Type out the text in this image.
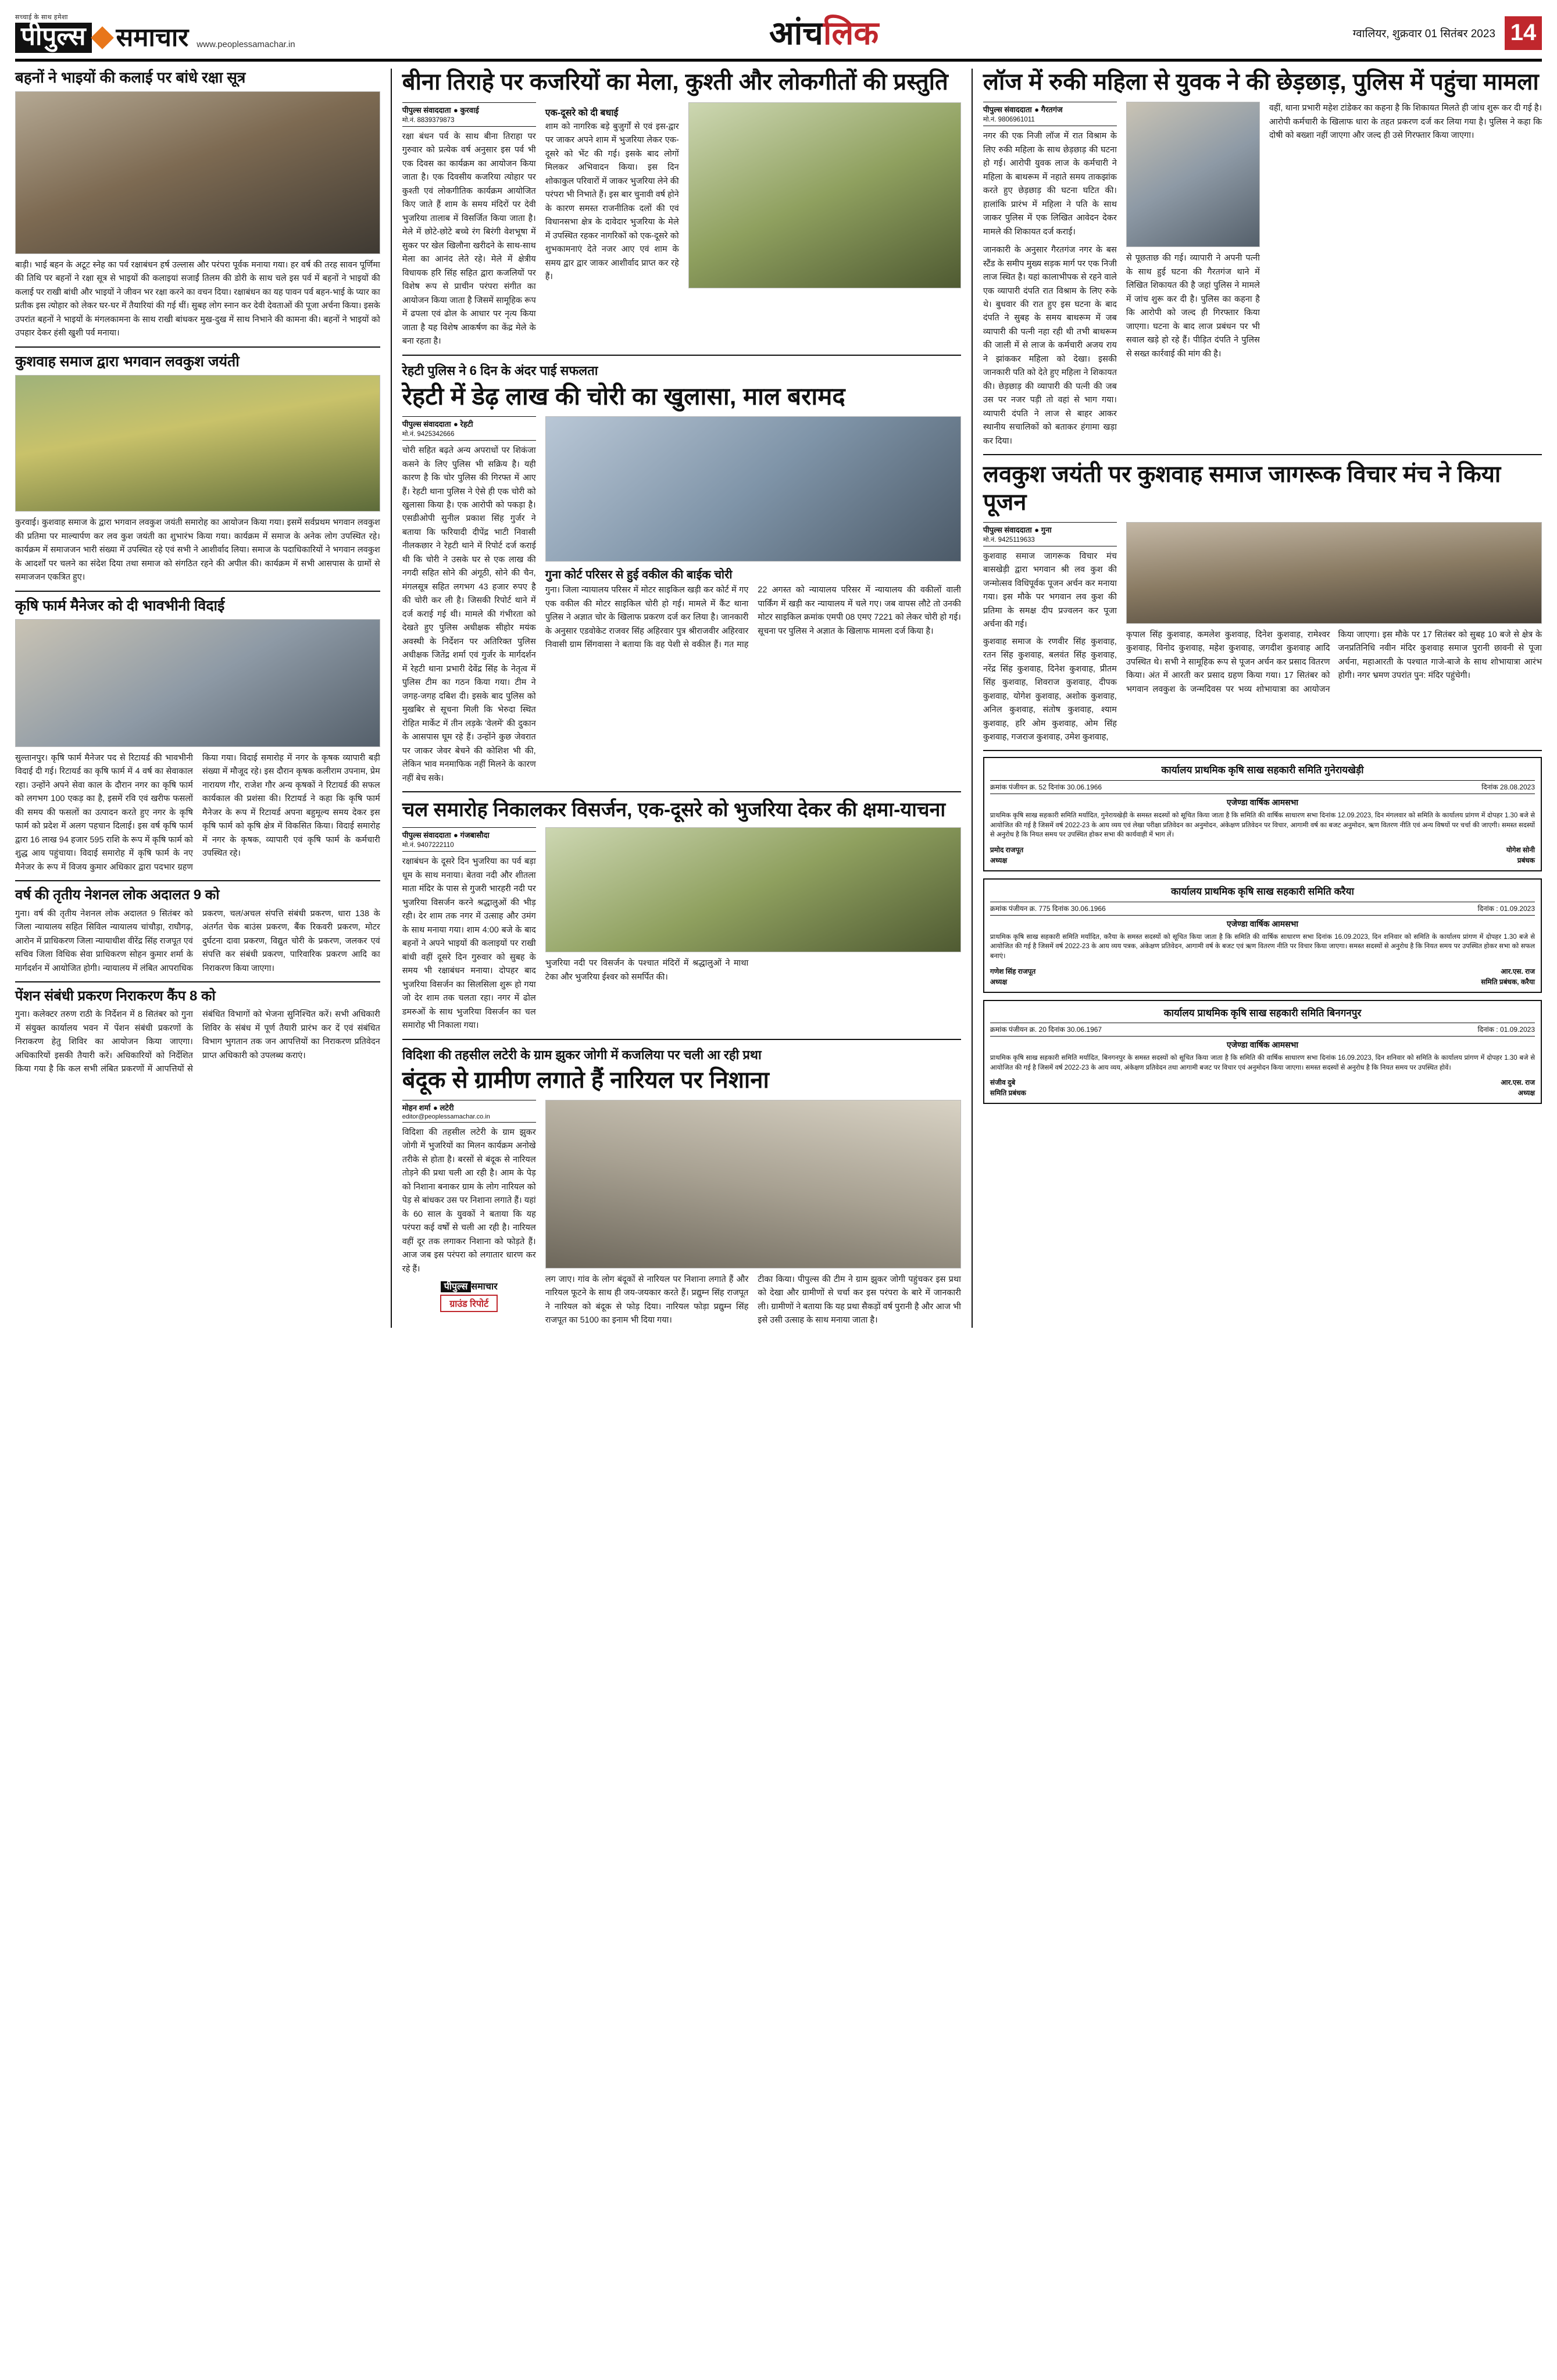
सच्चाई के साथ हमेशा
पीपुल्स समाचार www.peoplessamachar.in	आंच लिक	ग्वालियर, शुक्रवार 01 सितंबर 2023 14
बहनों ने भाइयों की कलाई पर बांधे रक्षा सूत्र
बाड़ी। भाई बहन के अटूट स्नेह का पर्व रक्षाबंधन हर्ष उल्लास और परंपरा पूर्वक मनाया गया। हर वर्ष की तरह सावन पूर्णिमा की तिथि पर बहनों ने रक्षा सूत्र से भाइयों की कलाइयां सजाईं तिलम की डोरी के साथ चले इस पर्व में बहनों ने भाइयों की कलाई पर राखी बांधी और भाइयों ने जीवन भर रक्षा करने का वचन दिया। रक्षाबंधन का यह पावन पर्व बहन-भाई के प्यार का प्रतीक इस त्योहार को लेकर घर-घर में तैयारियां की गई थीं। सुबह लोग स्नान कर देवी देवताओं की पूजा अर्चना किया। इसके उपरांत बहनों ने भाइयों के मंगलकामना के साथ राखी बांधकर मुख-दुख में साथ निभाने की कामना की। बहनों ने भाइयों को उपहार देकर हंसी खुशी पर्व मनाया।
कुशवाह समाज द्वारा भगवान लवकुश जयंती
कुरवाई। कुशवाह समाज के द्वारा भगवान लवकुश जयंती समारोह का आयोजन किया गया। इसमें सर्वप्रथम भगवान लवकुश की प्रतिमा पर माल्यार्पण कर लव कुश जयंती का शुभारंभ किया गया। कार्यक्रम में समाज के अनेक लोग उपस्थित रहे। कार्यक्रम में समाजजन भारी संख्या में उपस्थित रहे एवं सभी ने आशीर्वाद लिया। समाज के पदाधिकारियों ने भगवान लवकुश के आदर्शों पर चलने का संदेश दिया तथा समाज को संगठित रहने की अपील की। कार्यक्रम में सभी आसपास के ग्रामों से समाजजन एकत्रित हुए।
कृषि फार्म मैनेजर को दी भावभीनी विदाई
सुल्तानपुर। कृषि फार्म मैनेजर पद से रिटायर्ड की भावभीनी विदाई दी गई। रिटायर्ड का कृषि फार्म में 4 वर्ष का सेवाकाल रहा। उन्होंने अपने सेवा काल के दौरान नगर का कृषि फार्म को लगभग 100 एकड़ का है, इसमें रवि एवं खरीफ फसलों की समय की फसलों का उत्पादन करते हुए नगर के कृषि फार्म को प्रदेश में अलग पहचान दिलाई। इस वर्ष कृषि फार्म द्वारा 16 लाख 94 हजार 595 राशि के रूप में कृषि फार्म को शुद्ध आय पहुंचाया। विदाई समारोह में कृषि फार्म के नए मैनेजर के रूप में विजय कुमार अधिकार द्वारा पदभार ग्रहण किया गया। विदाई समारोह में नगर के कृषक व्यापारी बड़ी संख्या में मौजूद रहे। इस दौरान कृषक कलीराम उपनाम, प्रेम नारायण गौर, राजेश गौर अन्य कृषकों ने रिटायर्ड की सफल कार्यकाल की प्रशंसा की। रिटायर्ड ने कहा कि कृषि फार्म मैनेजर के रूप में रिटायर्ड अपना बहुमूल्य समय देकर इस कृषि फार्म को कृषि क्षेत्र में विकसित किया। विदाई समारोह में नगर के कृषक, व्यापारी एवं कृषि फार्म के कर्मचारी उपस्थित रहे।
वर्ष की तृतीय नेशनल लोक अदालत 9 को
गुना। वर्ष की तृतीय नेशनल लोक अदालत 9 सितंबर को जिला न्यायालय सहित सिविल न्यायालय चांचौड़ा, राघौगढ़, आरोन में प्राधिकरण जिला न्यायाधीश वीरेंद्र सिंह राजपूत एवं सचिव जिला विधिक सेवा प्राधिकरण सोहन कुमार शर्मा के मार्गदर्शन में आयोजित होगी। न्यायालय में लंबित आपराधिक प्रकरण, चल/अचल संपत्ति संबंधी प्रकरण, धारा 138 के अंतर्गत चेक बाउंस प्रकरण, बैंक रिकवरी प्रकरण, मोटर दुर्घटना दावा प्रकरण, विद्युत चोरी के प्रकरण, जलकर एवं संपत्ति कर संबंधी प्रकरण, पारिवारिक प्रकरण आदि का निराकरण किया जाएगा।
पेंशन संबंधी प्रकरण निराकरण कैंप 8 को
गुना। कलेक्टर तरुण राठी के निर्देशन में 8 सितंबर को गुना में संयुक्त कार्यालय भवन में पेंशन संबंधी प्रकरणों के निराकरण हेतु शिविर का आयोजन किया जाएगा। अधिकारियों इसकी तैयारी करें। अधिकारियों को निर्देशित किया गया है कि कल सभी लंबित प्रकरणों में आपत्तियों से संबंधित विभागों को भेजना सुनिश्चित करें। सभी अधिकारी शिविर के संबंध में पूर्ण तैयारी प्रारंभ कर दें एवं संबंधित विभाग भुगतान तक जन आपत्तियों का निराकरण प्रतिवेदन प्राप्त अधिकारी को उपलब्ध कराएं।
बीना तिराहे पर कजरियों का मेला, कुश्ती और लोकगीतों की प्रस्तुति
पीपुल्स संवाददाता ● कुरवाई
मो.नं. 8839379873
रक्षा बंधन पर्व के साथ बीना तिराहा पर गुरुवार को प्रत्येक वर्ष अनुसार इस पर्व भी एक दिवस का कार्यक्रम का आयोजन किया जाता है। एक दिवसीय कजरिया त्योहार पर कुश्ती एवं लोकगीतिक कार्यक्रम आयोजित किए जाते हैं शाम के समय मंदिरों पर देवी भुजरिया तालाब में विसर्जित किया जाता है। मेले में छोटे-छोटे बच्चे रंग बिरंगी वेशभूषा में सुकर पर खेल खिलौना खरीदने के साथ-साथ मेला का आनंद लेते रहे। मेले में क्षेत्रीय विधायक हरि सिंह सहित द्वारा कजलियों पर विशेष रूप से प्राचीन परंपरा संगीत का आयोजन किया जाता है जिसमें सामूहिक रूप में ढपला एवं ढोल के आधार पर नृत्य किया जाता है यह विशेष आकर्षण का केंद्र मेले के बना रहता है।
एक-दूसरे को दी बधाई
शाम को नागरिक बड़े बुजुर्गों से एवं इस-द्वार पर जाकर अपने शाम में भुजरिया लेकर एक-दूसरे को भेंट की गई। इसके बाद लोगों मिलकर अभिवादन किया। इस दिन शोकाकुल परिवारों में जाकर भुजरिया लेने की परंपरा भी निभाते हैं। इस बार चुनावी वर्ष होने के कारण समस्त राजनीतिक दलों की एवं विधानसभा क्षेत्र के दावेदार भुजरिया के मेले में उपस्थित रहकर नागरिकों को एक-दूसरे को शुभकामनाएं देते नजर आए एवं शाम के समय द्वार द्वार जाकर आशीर्वाद प्राप्त कर रहे हैं।
रेहटी पुलिस ने 6 दिन के अंदर पाई सफलता
रेहटी में डेढ़ लाख की चोरी का खुलासा, माल बरामद
पीपुल्स संवाददाता ● रेहटी
मो.नं. 9425342666
चोरी सहित बढ़ते अन्य अपराधों पर शिकंजा कसने के लिए पुलिस भी सक्रिय है। यही कारण है कि चोर पुलिस की गिरफ्त में आए हैं। रेहटी थाना पुलिस ने ऐसे ही एक चोरी को खुलासा किया है। एक आरोपी को पकड़ा है। एसडीओपी सुनील प्रकाश सिंह गुर्जर ने बताया कि फरियादी दीपेंद्र भाटी निवासी नीलकछार ने रेहटी थाने में रिपोर्ट दर्ज कराई थी कि चोरी ने उसके घर से एक लाख की नगदी सहित सोने की अंगूठी, सोने की चैन, मंगलसूत्र सहित लगभग 43 हजार रुपए है की चोरी कर ली है। जिसकी रिपोर्ट थाने में दर्ज कराई गई थी। मामले की गंभीरता को देखते हुए पुलिस अधीक्षक सीहोर मयंक अवस्थी के निर्देशन पर अतिरिक्त पुलिस अधीक्षक जितेंद्र शर्मा एवं गुर्जर के मार्गदर्शन में रेहटी थाना प्रभारी देवेंद्र सिंह के नेतृत्व में पुलिस टीम का गठन किया गया। टीम ने जगह-जगह दबिश दी। इसके बाद पुलिस को मुखबिर से सूचना मिली कि भेरुदा स्थित रोहित मार्केट में तीन लड़के 'वेलमें' की दुकान के आसपास घूम रहे हैं। उन्होंने कुछ जेवरात पर जाकर जेवर बेचने की कोशिश भी की, लेकिन भाव मनमाफिक नहीं मिलने के कारण नहीं बेच सके।
गुना कोर्ट परिसर से हुई वकील की बाईक चोरी
गुना। जिला न्यायालय परिसर में मोटर साइकिल खड़ी कर कोर्ट में गए एक वकील की मोटर साइकिल चोरी हो गई। मामले में कैंट थाना पुलिस ने अज्ञात चोर के खिलाफ प्रकरण दर्ज कर लिया है। जानकारी के अनुसार एडवोकेट राजवर सिंह अहिरवार पुत्र श्रीराजवीर अहिरवार निवासी ग्राम सिंगवासा ने बताया कि वह पेशी से वकील हैं। गत माह 22 अगस्त को न्यायालय परिसर में न्यायालय की वकीलों वाली पार्किंग में खड़ी कर न्यायालय में चले गए। जब वापस लौटे तो उनकी मोटर साइकिल क्रमांक एमपी 08 एमए 7221 को लेकर चोरी हो गई। सूचना पर पुलिस ने अज्ञात के खिलाफ मामला दर्ज किया है।
चल समारोह निकालकर विसर्जन, एक-दूसरे को भुजरिया देकर की क्षमा-याचना
पीपुल्स संवाददाता ● गंजबासौदा
मो.नं. 9407222110
रक्षाबंधन के दूसरे दिन भुजरिया का पर्व बड़ा धूम के साथ मनाया। बेतवा नदी और शीतला माता मंदिर के पास से गुजरी भारहरी नदी पर भुजरिया विसर्जन करने श्रद्धालुओं की भीड़ रही। देर शाम तक नगर में उत्साह और उमंग के साथ मनाया गया। शाम 4:00 बजे के बाद बहनों ने अपने भाइयों की कलाइयों पर राखी बांधी वहीं दूसरे दिन गुरुवार को सुबह के समय भी रक्षाबंधन मनाया। दोपहर बाद भुजरिया विसर्जन का सिलसिला शुरू हो गया जो देर शाम तक चलता रहा। नगर में ढोल डमरुओं के साथ भुजरिया विसर्जन का चल समारोह भी निकाला गया।
भुजरिया नदी पर विसर्जन के पश्चात मंदिरों में श्रद्धालुओं ने माथा टेका और भुजरिया ईश्वर को समर्पित की।
विदिशा की तहसील लटेरी के ग्राम झुकर जोगी में कजलिया पर चली आ रही प्रथा
बंदूक से ग्रामीण लगाते हैं नारियल पर निशाना
मोहन शर्मा ● लटेरी
editor@peoplessamachar.co.in
विदिशा की तहसील लटेरी के ग्राम झुकर जोगी में भुजरियों का मिलन कार्यक्रम अनोखे तरीके से होता है। बरसों से बंदूक से नारियल तोड़ने की प्रथा चली आ रही है। आम के पेड़ को निशाना बनाकर ग्राम के लोग नारियल को पेड़ से बांधकर उस पर निशाना लगाते हैं। यहां के 60 साल के युवकों ने बताया कि यह परंपरा कई वर्षों से चली आ रही है। नारियल वहीं दूर तक लगाकर निशाना को फोड़ते हैं। आज जब इस परंपरा को लगातार धारण कर रहे हैं।
पीपुल्स समाचार
ग्राउंड रिपोर्ट
लग जाए। गांव के लोग बंदूकों से नारियल पर निशाना लगाते हैं और नारियल फूटने के साथ ही जय-जयकार करते हैं। प्रद्युम्न सिंह राजपूत ने नारियल को बंदूक से फोड़ दिया। नारियल फोड़ा प्रद्युम्न सिंह राजपूत का 5100 का इनाम भी दिया गया।
टीका किया। पीपुल्स की टीम ने ग्राम झुकर जोगी पहुंचकर इस प्रथा को देखा और ग्रामीणों से चर्चा कर इस परंपरा के बारे में जानकारी ली। ग्रामीणों ने बताया कि यह प्रथा सैकड़ों वर्ष पुरानी है और आज भी इसे उसी उत्साह के साथ मनाया जाता है।
लॉज में रुकी महिला से युवक ने की छेड़छाड़, पुलिस में पहुंचा मामला
पीपुल्स संवाददाता ● गैरतगंज
मो.नं. 9806961011
नगर की एक निजी लॉज में रात विश्राम के लिए रुकी महिला के साथ छेड़छाड़ की घटना हो गई। आरोपी युवक लाज के कर्मचारी ने महिला के बाथरूम में नहाते समय ताकझांक करते हुए छेड़छाड़ की घटना घटित की। हालांकि प्रारंभ में महिला ने पति के साथ जाकर पुलिस में एक लिखित आवेदन देकर मामले की शिकायत दर्ज कराई।
जानकारी के अनुसार गैरतगंज नगर के बस स्टैंड के समीप मुख्य सड़क मार्ग पर एक निजी लाज स्थित है। यहां कालाभीपक से रहने वाले एक व्यापारी दंपति रात विश्राम के लिए रुके थे। बुधवार की रात हुए इस घटना के बाद दंपति ने सुबह के समय बाथरूम में जब व्यापारी की पत्नी नहा रही थी तभी बाथरूम की जाली में से लाज के कर्मचारी अजय राय ने झांककर महिला को देखा। इसकी जानकारी पति को देते हुए महिला ने शिकायत की। छेड़छाड़ की व्यापारी की पत्नी की जब उस पर नजर पड़ी तो वहां से भाग गया। व्यापारी दंपति ने लाज से बाहर आकर स्थानीय सचालिकों को बताकर हंगामा खड़ा कर दिया।
से पूछताछ की गई। व्यापारी ने अपनी पत्नी के साथ हुई घटना की गैरतगंज थाने में लिखित शिकायत की है जहां पुलिस ने मामले में जांच शुरू कर दी है। पुलिस का कहना है कि आरोपी को जल्द ही गिरफ्तार किया जाएगा। घटना के बाद लाज प्रबंधन पर भी सवाल खड़े हो रहे हैं। पीड़ित दंपति ने पुलिस से सख्त कार्रवाई की मांग की है।
वहीं, थाना प्रभारी महेश टांडेकर का कहना है कि शिकायत मिलते ही जांच शुरू कर दी गई है। आरोपी कर्मचारी के खिलाफ धारा के तहत प्रकरण दर्ज कर लिया गया है। पुलिस ने कहा कि दोषी को बख्शा नहीं जाएगा और जल्द ही उसे गिरफ्तार किया जाएगा।
लवकुश जयंती पर कुशवाह समाज जागरूक विचार मंच ने किया पूजन
पीपुल्स संवाददाता ● गुना
मो.नं. 9425119633
कुशवाह समाज जागरूक विचार मंच बासखेड़ी द्वारा भगवान श्री लव कुश की जन्मोत्सव विधिपूर्वक पूजन अर्चन कर मनाया गया। इस मौके पर भगवान लव कुश की प्रतिमा के समक्ष दीप प्रज्वलन कर पूजा अर्चना की गई।
कुशवाह समाज के रणवीर सिंह कुशवाह, रतन सिंह कुशवाह, बलवंत सिंह कुशवाह, नरेंद्र सिंह कुशवाह, दिनेश कुशवाह, प्रीतम सिंह कुशवाह, शिवराज कुशवाह, दीपक कुशवाह, योगेश कुशवाह, अशोक कुशवाह, अनिल कुशवाह, संतोष कुशवाह, श्याम कुशवाह, हरि ओम कुशवाह, ओम सिंह कुशवाह, गजराज कुशवाह, उमेश कुशवाह,
कृपाल सिंह कुशवाह, कमलेश कुशवाह, दिनेश कुशवाह, रामेश्वर कुशवाह, विनोद कुशवाह, महेश कुशवाह, जगदीश कुशवाह आदि उपस्थित थे। सभी ने सामूहिक रूप से पूजन अर्चन कर प्रसाद वितरण किया। अंत में आरती कर प्रसाद ग्रहण किया गया। 17 सितंबर को भगवान लवकुश के जन्मदिवस पर भव्य शोभायात्रा का आयोजन किया जाएगा। इस मौके पर 17 सितंबर को सुबह 10 बजे से क्षेत्र के जनप्रतिनिधि नवीन मंदिर कुशवाह समाज पुरानी छावनी से पूजा अर्चना, महाआरती के पश्चात गाजे-बाजे के साथ शोभायात्रा आरंभ होगी। नगर भ्रमण उपरांत पुन: मंदिर पहुंचेगी।
कार्यालय प्राथमिक कृषि साख सहकारी समिति गुनेरायखेड़ी
क्रमांक पंजीयन क्र. 52 दिनांक 30.06.1966	दिनांक 28.08.2023
एजेण्डा वार्षिक आमसभा
प्राथमिक कृषि साख सहकारी समिति मर्यादित, गुनेरायखेड़ी के समस्त सदस्यों को सूचित किया जाता है कि समिति की वार्षिक साधारण सभा दिनांक 12.09.2023, दिन मंगलवार को समिति के कार्यालय प्रांगण में दोपहर 1.30 बजे से आयोजित की गई है जिसमें वर्ष 2022-23 के आय व्यय एवं लेखा परीक्षा प्रतिवेदन का अनुमोदन, अंकेक्षण प्रतिवेदन पर विचार, आगामी वर्ष का बजट अनुमोदन, ऋण वितरण नीति एवं अन्य विषयों पर चर्चा की जाएगी। समस्त सदस्यों से अनुरोध है कि नियत समय पर उपस्थित होकर सभा की कार्यवाही में भाग लें।
प्रमोद राजपूत
अध्यक्ष
योगेश सोनी
प्रबंधक
कार्यालय प्राथमिक कृषि साख सहकारी समिति करैया
क्रमांक पंजीयन क्र. 775 दिनांक 30.06.1966	दिनांक : 01.09.2023
एजेण्डा वार्षिक आमसभा
प्राथमिक कृषि साख सहकारी समिति मर्यादित, करैया के समस्त सदस्यों को सूचित किया जाता है कि समिति की वार्षिक साधारण सभा दिनांक 16.09.2023, दिन शनिवार को समिति के कार्यालय प्रांगण में दोपहर 1.30 बजे से आयोजित की गई है जिसमें वर्ष 2022-23 के आय व्यय पत्रक, अंकेक्षण प्रतिवेदन, आगामी वर्ष के बजट एवं ऋण वितरण नीति पर विचार किया जाएगा। समस्त सदस्यों से अनुरोध है कि नियत समय पर उपस्थित होकर सभा को सफल बनाएं।
गणेश सिंह राजपूत
अध्यक्ष
आर.एस. राज
समिति प्रबंधक, करैया
कार्यालय प्राथमिक कृषि साख सहकारी समिति बिनगनपुर
क्रमांक पंजीयन क्र. 20 दिनांक 30.06.1967	दिनांक : 01.09.2023
एजेण्डा वार्षिक आमसभा
प्राथमिक कृषि साख सहकारी समिति मर्यादित, बिनगनपुर के समस्त सदस्यों को सूचित किया जाता है कि समिति की वार्षिक साधारण सभा दिनांक 16.09.2023, दिन शनिवार को समिति के कार्यालय प्रांगण में दोपहर 1.30 बजे से आयोजित की गई है जिसमें वर्ष 2022-23 के आय व्यय, अंकेक्षण प्रतिवेदन तथा आगामी बजट पर विचार एवं अनुमोदन किया जाएगा। समस्त सदस्यों से अनुरोध है कि नियत समय पर उपस्थित होवें।
संजीव दुबे
समिति प्रबंधक
आर.एस. राज
अध्यक्ष
